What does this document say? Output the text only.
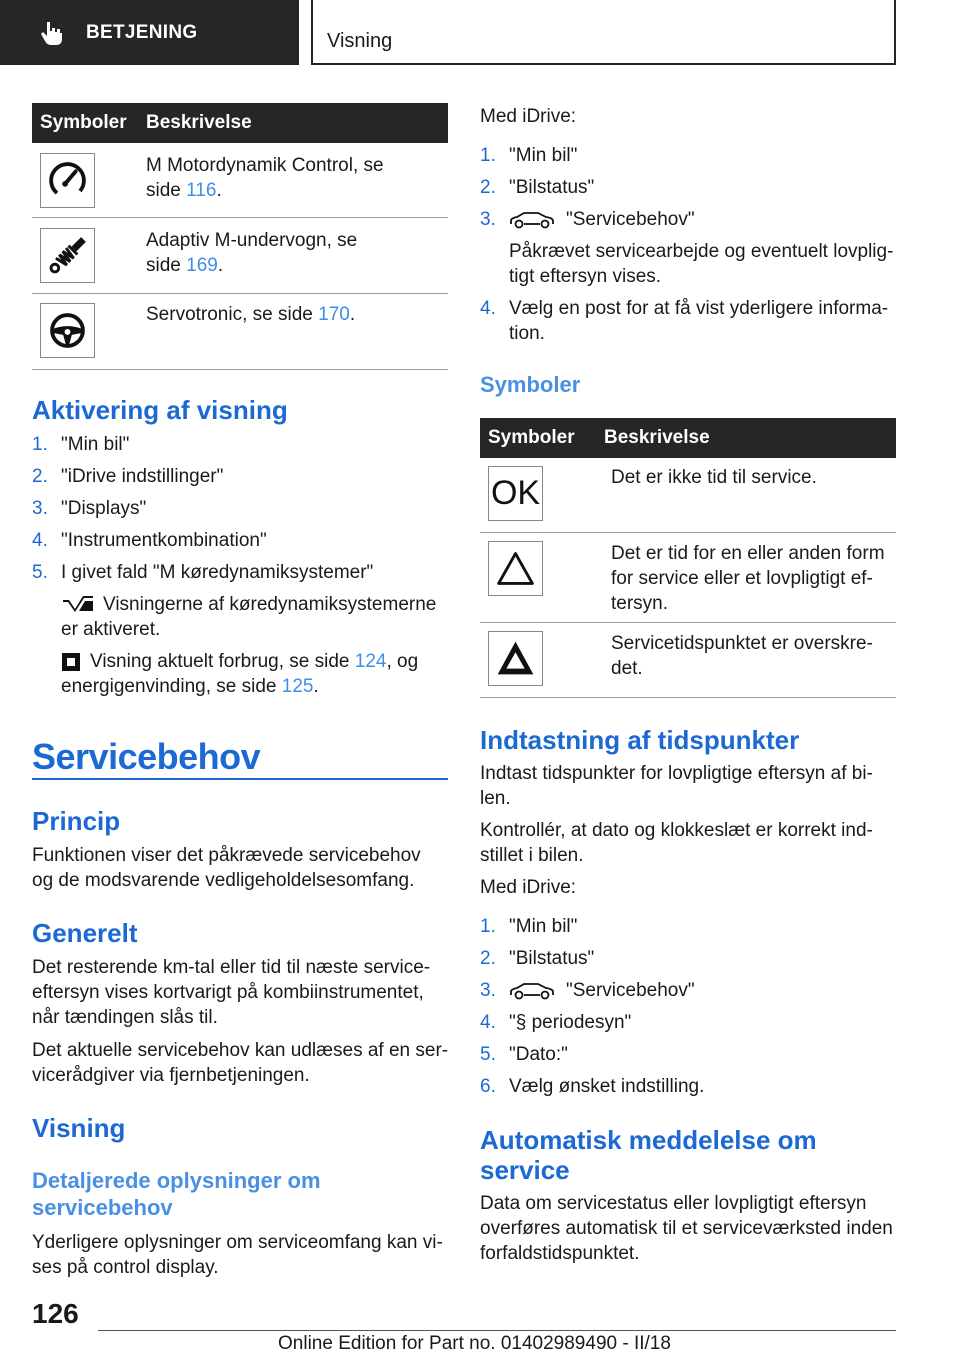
BETJENING	Visning
Symboler	Beskrivelse
M Motordynamik Control, se
side 116.
Adaptiv M-undervogn, se
side 169.
Servotronic, se side 170.
Aktivering af visning
1. "Min bil"
2. "iDrive indstillinger"
3. "Displays"
4. "Instrumentkombination"
5. I givet fald "M køredynamiksystemer"
Visningerne af køredynamiksystemerne
er aktiveret.
Visning aktuelt forbrug, se side 124, og
energigenvinding, se side 125.
Servicebehov
Princip
Funktionen viser det påkrævede servicebehov
og de modsvarende vedligeholdelsesomfang.
Generelt
Det resterende km-tal eller tid til næste service-
eftersyn vises kortvarigt på kombiinstrumentet,
når tændingen slås til.
Det aktuelle servicebehov kan udlæses af en ser-
vicerådgiver via fjernbetjeningen.
Visning
Detaljerede oplysninger om
servicebehov
Yderligere oplysninger om serviceomfang kan vi-
ses på control display.
Med iDrive:
1. "Min bil"
2. "Bilstatus"
3.	"Servicebehov"
Påkrævet servicearbejde og eventuelt lovplig-
tigt eftersyn vises.
4. Vælg en post for at få vist yderligere informa-
tion.
Symboler
Symboler	Beskrivelse
OK	Det er ikke tid til service.
Det er tid for en eller anden form
for service eller et lovpligtigt ef-
tersyn.
Servicetidspunktet er overskre-
det.
Indtastning af tidspunkter
Indtast tidspunkter for lovpligtige eftersyn af bi-
len.
Kontrollér, at dato og klokkeslæt er korrekt ind-
stillet i bilen.
Med iDrive:
1. "Min bil"
2. "Bilstatus"
3.	"Servicebehov"
4. "§ periodesyn"
5. "Dato:"
6. Vælg ønsket indstilling.
Automatisk meddelelse om
service
Data om servicestatus eller lovpligtigt eftersyn
overføres automatisk til et serviceværksted inden
forfaldstidspunktet.
126
Online Edition for Part no. 01402989490 - II/18
